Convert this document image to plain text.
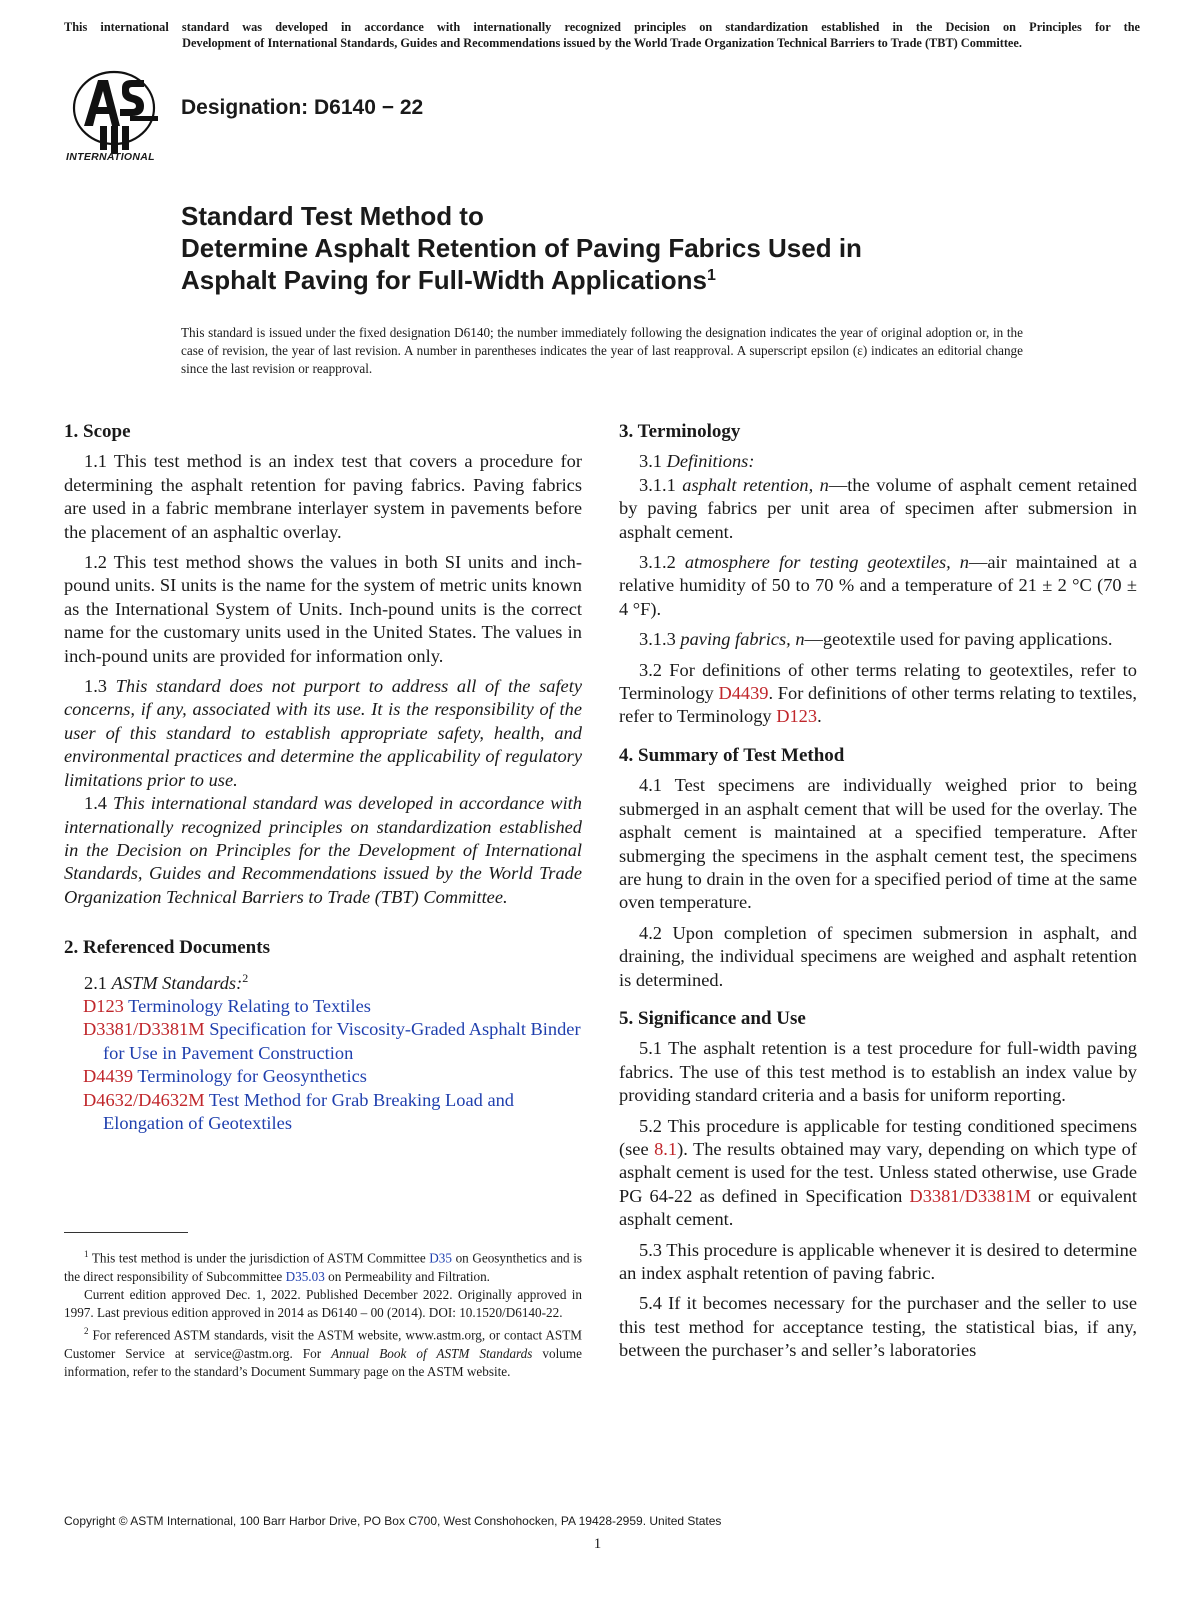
This international standard was developed in accordance with internationally recognized principles on standardization established in the Decision on Principles for the
Development of International Standards, Guides and Recommendations issued by the World Trade Organization Technical Barriers to Trade (TBT) Committee.
INTERNATIONAL
Designation: D6140 − 22
Standard Test Method to
Determine Asphalt Retention of Paving Fabrics Used in
Asphalt Paving for Full-Width Applications$^1$
This standard is issued under the fixed designation D6140; the number immediately following the designation indicates the year of original adoption or, in the case of revision, the year of last revision. A number in parentheses indicates the year of last reapproval. A superscript epsilon (ε) indicates an editorial change since the last revision or reapproval.
1. Scope
1.1 This test method is an index test that covers a procedure for determining the asphalt retention for paving fabrics. Paving fabrics are used in a fabric membrane interlayer system in pavements before the placement of an asphaltic overlay.
1.2 This test method shows the values in both SI units and inch-pound units. SI units is the name for the system of metric units known as the International System of Units. Inch-pound units is the correct name for the customary units used in the United States. The values in inch-pound units are provided for information only.
1.3 This standard does not purport to address all of the safety concerns, if any, associated with its use. It is the responsibility of the user of this standard to establish appropriate safety, health, and environmental practices and determine the applicability of regulatory limitations prior to use.
1.4 This international standard was developed in accordance with internationally recognized principles on standardization established in the Decision on Principles for the Development of International Standards, Guides and Recommendations issued by the World Trade Organization Technical Barriers to Trade (TBT) Committee.
2. Referenced Documents
2.1 ASTM Standards:$^2$
D123 Terminology Relating to Textiles
D3381/D3381M Specification for Viscosity-Graded Asphalt Binder for Use in Pavement Construction
D4439 Terminology for Geosynthetics
D4632/D4632M Test Method for Grab Breaking Load and Elongation of Geotextiles
3. Terminology
3.1 Definitions:
3.1.1 asphalt retention, n—the volume of asphalt cement retained by paving fabrics per unit area of specimen after submersion in asphalt cement.
3.1.2 atmosphere for testing geotextiles, n—air maintained at a relative humidity of 50 to 70 % and a temperature of 21 ± 2 °C (70 ± 4 °F).
3.1.3 paving fabrics, n—geotextile used for paving applications.
3.2 For definitions of other terms relating to geotextiles, refer to Terminology D4439. For definitions of other terms relating to textiles, refer to Terminology D123.
4. Summary of Test Method
4.1 Test specimens are individually weighed prior to being submerged in an asphalt cement that will be used for the overlay. The asphalt cement is maintained at a specified temperature. After submerging the specimens in the asphalt cement test, the specimens are hung to drain in the oven for a specified period of time at the same oven temperature.
4.2 Upon completion of specimen submersion in asphalt, and draining, the individual specimens are weighed and asphalt retention is determined.
5. Significance and Use
5.1 The asphalt retention is a test procedure for full-width paving fabrics. The use of this test method is to establish an index value by providing standard criteria and a basis for uniform reporting.
5.2 This procedure is applicable for testing conditioned specimens (see 8.1). The results obtained may vary, depending on which type of asphalt cement is used for the test. Unless stated otherwise, use Grade PG 64-22 as defined in Specification D3381/D3381M or equivalent asphalt cement.
5.3 This procedure is applicable whenever it is desired to determine an index asphalt retention of paving fabric.
5.4 If it becomes necessary for the purchaser and the seller to use this test method for acceptance testing, the statistical bias, if any, between the purchaser’s and seller’s laboratories
$^1$ This test method is under the jurisdiction of ASTM Committee D35 on Geosynthetics and is the direct responsibility of Subcommittee D35.03 on Permeability and Filtration.
Current edition approved Dec. 1, 2022. Published December 2022. Originally approved in 1997. Last previous edition approved in 2014 as D6140 – 00 (2014). DOI: 10.1520/D6140-22.
$^2$ For referenced ASTM standards, visit the ASTM website, www.astm.org, or contact ASTM Customer Service at service@astm.org. For Annual Book of ASTM Standards volume information, refer to the standard’s Document Summary page on the ASTM website.
Copyright © ASTM International, 100 Barr Harbor Drive, PO Box C700, West Conshohocken, PA 19428-2959. United States
1
